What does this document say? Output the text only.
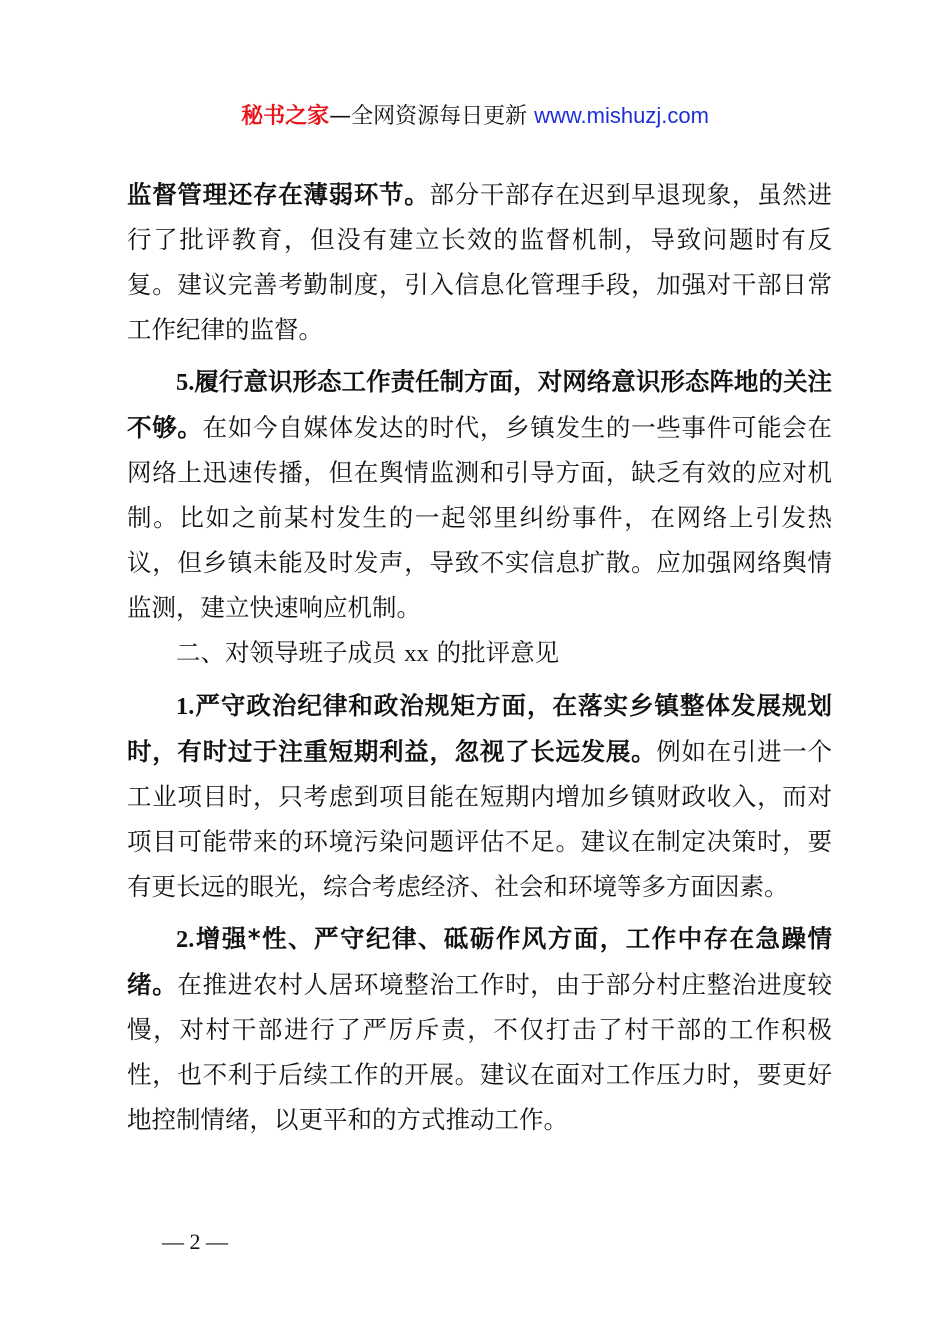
秘书之家—全网资源每日更新 www.mishuzj.com

监督管理还存在薄弱环节。部分干部存在迟到早退现象，虽然进行了批评教育，但没有建立长效的监督机制，导致问题时有反复。建议完善考勤制度，引入信息化管理手段，加强对干部日常工作纪律的监督。

5.履行意识形态工作责任制方面，对网络意识形态阵地的关注不够。在如今自媒体发达的时代，乡镇发生的一些事件可能会在网络上迅速传播，但在舆情监测和引导方面，缺乏有效的应对机制。比如之前某村发生的一起邻里纠纷事件，在网络上引发热议，但乡镇未能及时发声，导致不实信息扩散。应加强网络舆情监测，建立快速响应机制。

二、对领导班子成员 xx 的批评意见

1.严守政治纪律和政治规矩方面，在落实乡镇整体发展规划时，有时过于注重短期利益，忽视了长远发展。例如在引进一个工业项目时，只考虑到项目能在短期内增加乡镇财政收入，而对项目可能带来的环境污染问题评估不足。建议在制定决策时，要有更长远的眼光，综合考虑经济、社会和环境等多方面因素。

2.增强*性、严守纪律、砥砺作风方面，工作中存在急躁情绪。在推进农村人居环境整治工作时，由于部分村庄整治进度较慢，对村干部进行了严厉斥责，不仅打击了村干部的工作积极性，也不利于后续工作的开展。建议在面对工作压力时，要更好地控制情绪，以更平和的方式推动工作。

— 2 —
